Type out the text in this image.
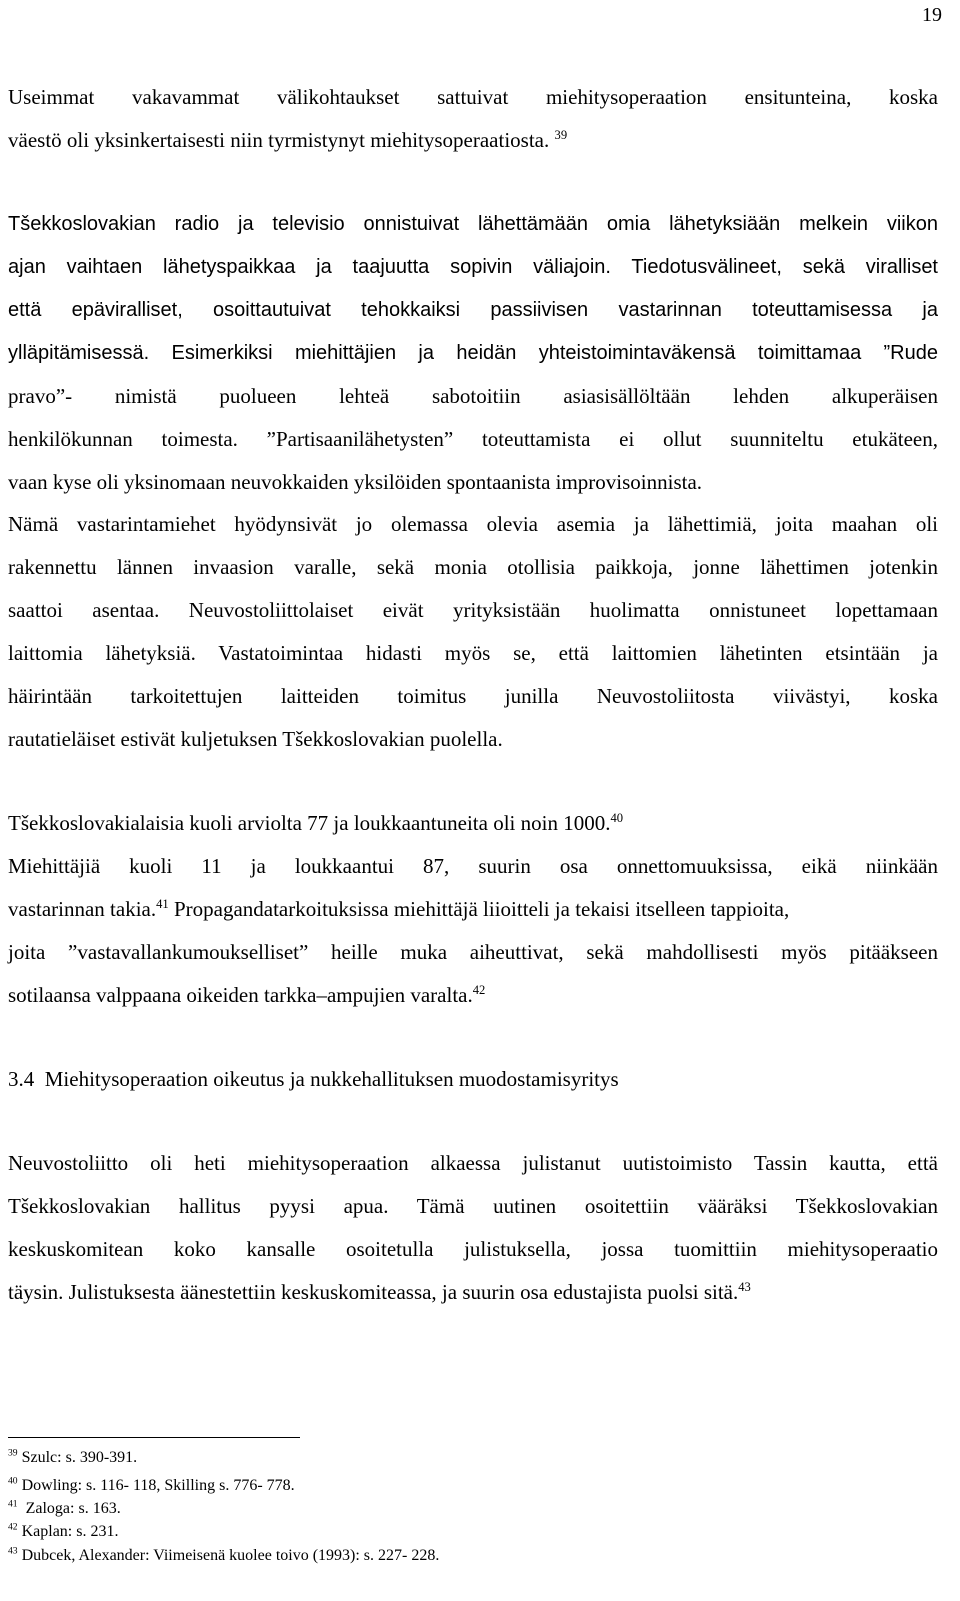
19
Useimmat vakavammat välikohtaukset sattuivat miehitysoperaation ensitunteina, koska
väestö oli yksinkertaisesti niin tyrmistynyt miehitysoperaatiosta. $^{39}$
Tšekkoslovakian radio ja televisio onnistuivat lähettämään omia lähetyksiään melkein viikon
ajan vaihtaen lähetyspaikkaa ja taajuutta sopivin väliajoin. Tiedotusvälineet, sekä viralliset
että epäviralliset, osoittautuivat tehokkaiksi passiivisen vastarinnan toteuttamisessa ja
ylläpitämisessä. Esimerkiksi miehittäjien ja heidän yhteistoimintaväkensä toimittamaa ”Rude
pravo”- nimistä puolueen lehteä sabotoitiin asiasisällöltään lehden alkuperäisen
henkilökunnan toimesta. ”Partisaanilähetysten” toteuttamista ei ollut suunniteltu etukäteen,
vaan kyse oli yksinomaan neuvokkaiden yksilöiden spontaanista improvisoinnista.
Nämä vastarintamiehet hyödynsivät jo olemassa olevia asemia ja lähettimiä, joita maahan oli
rakennettu lännen invaasion varalle, sekä monia otollisia paikkoja, jonne lähettimen jotenkin
saattoi asentaa. Neuvostoliittolaiset eivät yrityksistään huolimatta onnistuneet lopettamaan
laittomia lähetyksiä. Vastatoimintaa hidasti myös se, että laittomien lähetinten etsintään ja
häirintään tarkoitettujen laitteiden toimitus junilla Neuvostoliitosta viivästyi, koska
rautatieläiset estivät kuljetuksen Tšekkoslovakian puolella.
Tšekkoslovakialaisia kuoli arviolta 77 ja loukkaantuneita oli noin 1000.40
Miehittäjiä kuoli 11 ja loukkaantui 87, suurin osa onnettomuuksissa, eikä niinkään
vastarinnan takia.$^{41}$ Propagandatarkoituksissa miehittäjä liioitteli ja tekaisi itselleen tappioita,
joita ”vastavallankumoukselliset” heille muka aiheuttivat, sekä mahdollisesti myös pitääkseen
sotilaansa valppaana oikeiden tarkka–ampujien varalta.$^{42}$
3.4  Miehitysoperaation oikeutus ja nukkehallituksen muodostamisyritys
Neuvostoliitto oli heti miehitysoperaation alkaessa julistanut uutistoimisto Tassin kautta, että
Tšekkoslovakian hallitus pyysi apua. Tämä uutinen osoitettiin vääräksi Tšekkoslovakian
keskuskomitean koko kansalle osoitetulla julistuksella, jossa tuomittiin miehitysoperaatio
täysin. Julistuksesta äänestettiin keskuskomiteassa, ja suurin osa edustajista puolsi sitä.$^{43}$
$^{39}$ Szulc: s. 390-391.
$^{40}$ Dowling: s. 116- 118, Skilling s. 776- 778.
$^{41}$  Zaloga: s. 163.
$^{42}$ Kaplan: s. 231.
$^{43}$ Dubcek, Alexander: Viimeisenä kuolee toivo (1993): s. 227- 228.
